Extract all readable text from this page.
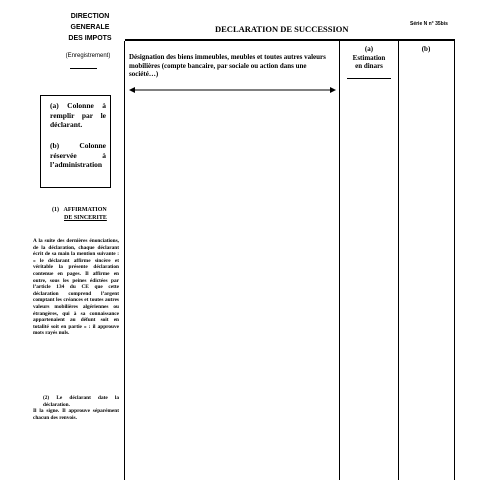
DIRECTION
GENERALE
DES IMPOTS
(Enregistrement)
DECLARATION DE SUCCESSION	Série N n° 35bis
(a) Colonne à remplir par le déclarant.
(b) Colonne réservée à l’administration
(1) AFFIRMATION
DE SINCERITE
A la suite des dernières énonciations, de la déclaration, chaque déclarant écrit de sa main la mention suivante : « le déclarant affirme sincère et véritable la présente déclaration contenue en pages. Il affirme en outre, sous les peines édictées par l’article 134 du CE que cette déclaration comprend l’argent comptant les créances et toutes autres valeurs mobilières algériennes ou étrangères, qui à sa connaissance appartenaient au défunt soit en totalité soit en partie » : il approuve mots rayés nuls.
(2) Le déclarant date la déclaration.
Il la signe. Il approuve séparément chacun des renvois.
Désignation des biens immeubles, meubles et toutes autres valeurs mobilières (compte bancaire, par sociale ou action dans une société…)
(a)
Estimation
en dinars
(b)
